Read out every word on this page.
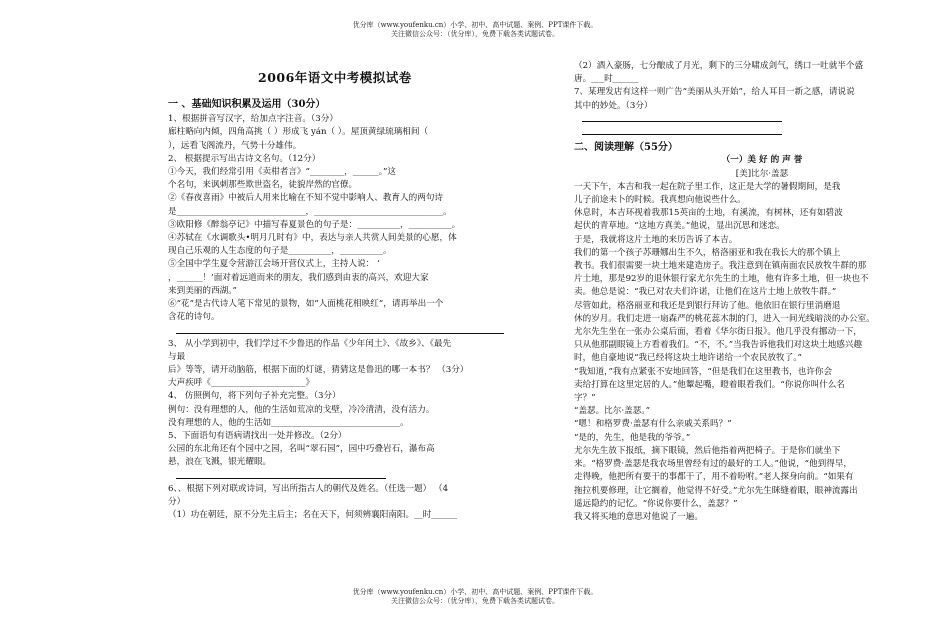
优分库（www.youfenku.cn）小学、初中、高中试题、案例、PPT课件下载。
关注微信公众号：（优分库），免费下载各类试题试卷。
2006年语文中考模拟试卷

一 、基础知识积累及运用（30分）

1、根据拼音写汉字，给加点字注音。（3分）

廊柱略向内倾，四角高挑（ ）形成飞 yán（ ）。屋顶黄绿琉璃相间（

），远看飞阁流丹，气势十分雄伟。

2、 根据提示写出古诗文名句。（12分）

①今天，我们经常引用《卖柑者言》“________，______。”这

个名句，来讽刺那些欺世盗名，徒貌岸然的官僚。

②《春夜喜雨》中被后人用来比喻在不知不觉中影响人、教育人的两句诗

是______________________________，______________________________。

③欧阳修《醉翁亭记》中描写春夏景色的句子是：__________，__________。

④苏轼在《水调歌头•明月几时有》中，表达与亲人共赏人间美景的心愿，体

现自己乐观的人生态度的句子是__________，__________。

⑤全国中学生夏令营游江会场开营仪式上，主持人说： ‘

，______！’面对着远道而来的朋友，我们感到由衷的高兴，欢迎大家

来到美丽的西湖。”

⑥“花”是古代诗人笔下常见的景物，如“人面桃花相映红”，请再举出一个

含花的诗句。

3、 从小学到初中，我们学过不少鲁迅的作品《少年闰土》、《故乡》、《最先

与最

后》等等，请开动脑筋，根据下面的灯谜，猜猜这是鲁迅的哪一本书？ （3分）

大声疾呼《______________________》

4、 仿照例句，将下列句子补充完整。（3分）

例句：没有理想的人，他的生活如荒凉的戈壁，冷冷清清，没有活力。

没有理想的人，他的生活如______________________________。

5、下面语句有语病请找出一处并修改。（2分）

公园的东北角还有个园中之园，名叫“翠石园”，园中巧叠岩石，瀑布高

悬，浪在飞溅，银光耀眼。

6、、根据下列对联或诗词，写出所指古人的朝代及姓名。（任选一题） （4

分）

（1）功在朝廷，原不分先主后主；名在天下，何须辨襄阳南阳。__时______

（2）酒入豪肠，七分酿成了月光，剩下的三分啸成剑气，绣口一吐就半个盛

唐。___时______

7、某理发店有这样一则广告“美丽从头开始”，给人耳目一新之感，请说说

其中的妙处。（3分）

二、阅读理解（55分）

（一）美 好 的 声 誉

[美]比尔·盖瑟

一天下午，本吉和我一起在院子里工作，这正是大学的暑假期间，是我

儿子前途未卜的时候。我真想向他说些什么。

休息时，本吉环视着我那15英亩的土地，有溪流，有树林，还有如碧波

起伏的青草地。“这地方真美。”他说，显出沉思和迷恋。

于是，我就将这片土地的来历告诉了本吉。

我们的第一个孩子苏珊娜出生不久，格洛丽亚和我在我长大的那个镇上

教书。我们很需要一块土地来建造房子。我注意到在镇南面农民放牧牛群的那

片土地，那是92岁的退休银行家尤尔先生的土地，他有许多土地，但一块也不

卖。他总是说：“我已对农夫们许诺，让他们在这片土地上放牧牛群。”

尽管如此，格洛丽亚和我还是到银行拜访了他。他依旧在银行里消磨退

休的岁月。我们走进一扇森严的桃花蕊木制的门，进入一间光线暗淡的办公室。

尤尔先生坐在一张办公桌后面，看着《华尔街日报》。他几乎没有挪动一下，

只从他那副眼镜上方看着我们。“不，不。”当我告诉他我们对这块土地感兴趣

时，他自豪地说“我已经将这块土地许诺给一个农民放牧了。”

“我知道，”我有点紧张不安地回答，“但是我们在这里教书，也许你会

卖给打算在这里定居的人。”他颦起嘴，瞪着眼看我们。“你说你叫什么名

字？”

“盖瑟。比尔·盖瑟。”

“嗯！和格罗费·盖瑟有什么亲戚关系吗？”

“是的，先生，他是我的爷爷。”

尤尔先生放下报纸，摘下眼镜，然后他指着两把椅子。于是你们就坐下

来。“格罗费·盖瑟是我农场里曾经有过的最好的工人。”他说，“他到得早，

走得晚，他把所有要干的事都干了，用不着吩咐。”老人探身向前。“如果有

拖拉机要修理，让它搁着，他觉得不好受。”尤尔先生眯缝着眼，眼神流露出

遥远隐约的记忆。“你说你要什么，盖瑟？”

我又将买地的意思对他说了一遍。

优分库（www.youfenku.cn）小学、初中、高中试题、案例、PPT课件下载。
关注微信公众号：（优分库），免费下载各类试题试卷。
